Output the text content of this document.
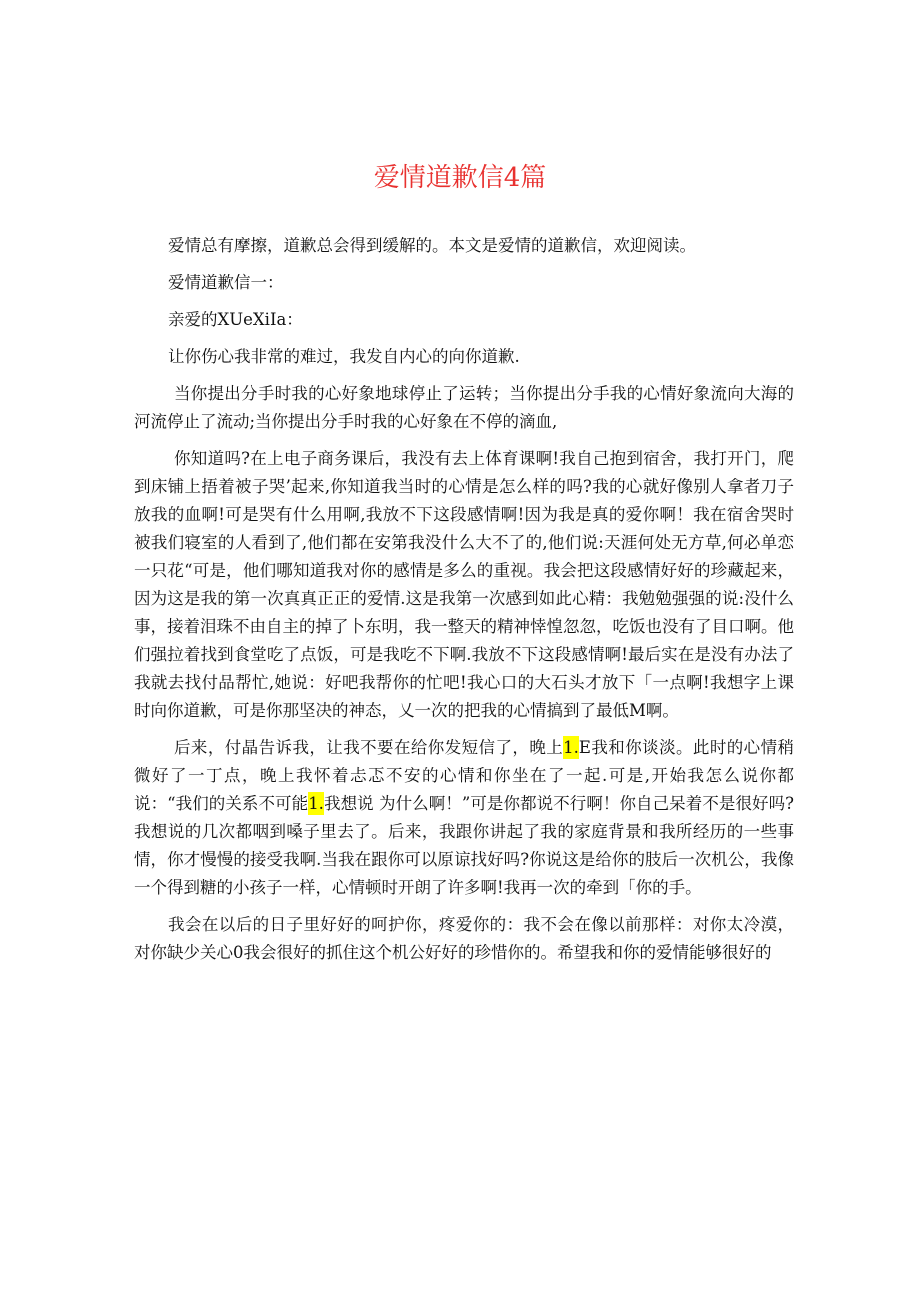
爱情道歉信4篇

爱情总有摩擦，道歉总会得到缓解的。本文是爱情的道歉信，欢迎阅读。

爱情道歉信一：

亲爱的XUeXiIa：

让你伤心我非常的难过，我发自内心的向你道歉.

当你提出分手时我的心好象地球停止了运转；当你提出分手我的心情好象流向大海的河流停止了流动;当你提出分手时我的心好象在不停的滴血,

你知道吗?在上电子商务课后，我没有去上体育课啊!我自己抱到宿舍，我打开门，爬到床铺上捂着被子哭’起来,你知道我当时的心情是怎么样的吗?我的心就好像别人拿者刀子放我的血啊!可是哭有什么用啊,我放不下这段感情啊!因为我是真的爱你啊！我在宿舍哭时被我们寝室的人看到了,他们都在安第我没什么大不了的,他们说:天涯何处无方草,何必单恋一只花“可是，他们哪知道我对你的感情是多么的重视。我会把这段感情好好的珍藏起来，因为这是我的第一次真真正正的爱情.这是我第一次感到如此心精：我勉勉强强的说:没什么事，接着泪珠不由自主的掉了卜东明，我一整天的精神悻惶忽忽，吃饭也没有了目口啊。他们强拉着找到食堂吃了点饭，可是我吃不下啊.我放不下这段感情啊!最后实在是没有办法了我就去找付品帮忙,她说：好吧我帮你的忙吧!我心口的大石头才放下「一点啊!我想字上课时向你道歉，可是你那坚决的神态，乂一次的把我的心情搞到了最低M啊。

后来，付晶告诉我，让我不要在给你发短信了，晚上1.E我和你谈淡。此时的心情稍微好了一丁点，晚上我怀着忐忑不安的心情和你坐在了一起.可是,开始我怎么说你都说：“我们的关系不可能1.我想说 为什么啊！”可是你都说不行啊！你自己呆着不是很好吗?我想说的几次都咽到嗓子里去了。后来，我跟你讲起了我的家庭背景和我所经历的一些事情，你才慢慢的接受我啊.当我在跟你可以原谅找好吗?你说这是给你的肢后一次机公，我像一个得到糖的小孩子一样，心情顿时开朗了许多啊!我再一次的牵到「你的手。

我会在以后的日子里好好的呵护你，疼爱你的：我不会在像以前那样：对你太冷漠，对你缺少关心0我会很好的抓住这个机公好好的珍惜你的。希望我和你的爱情能够很好的
